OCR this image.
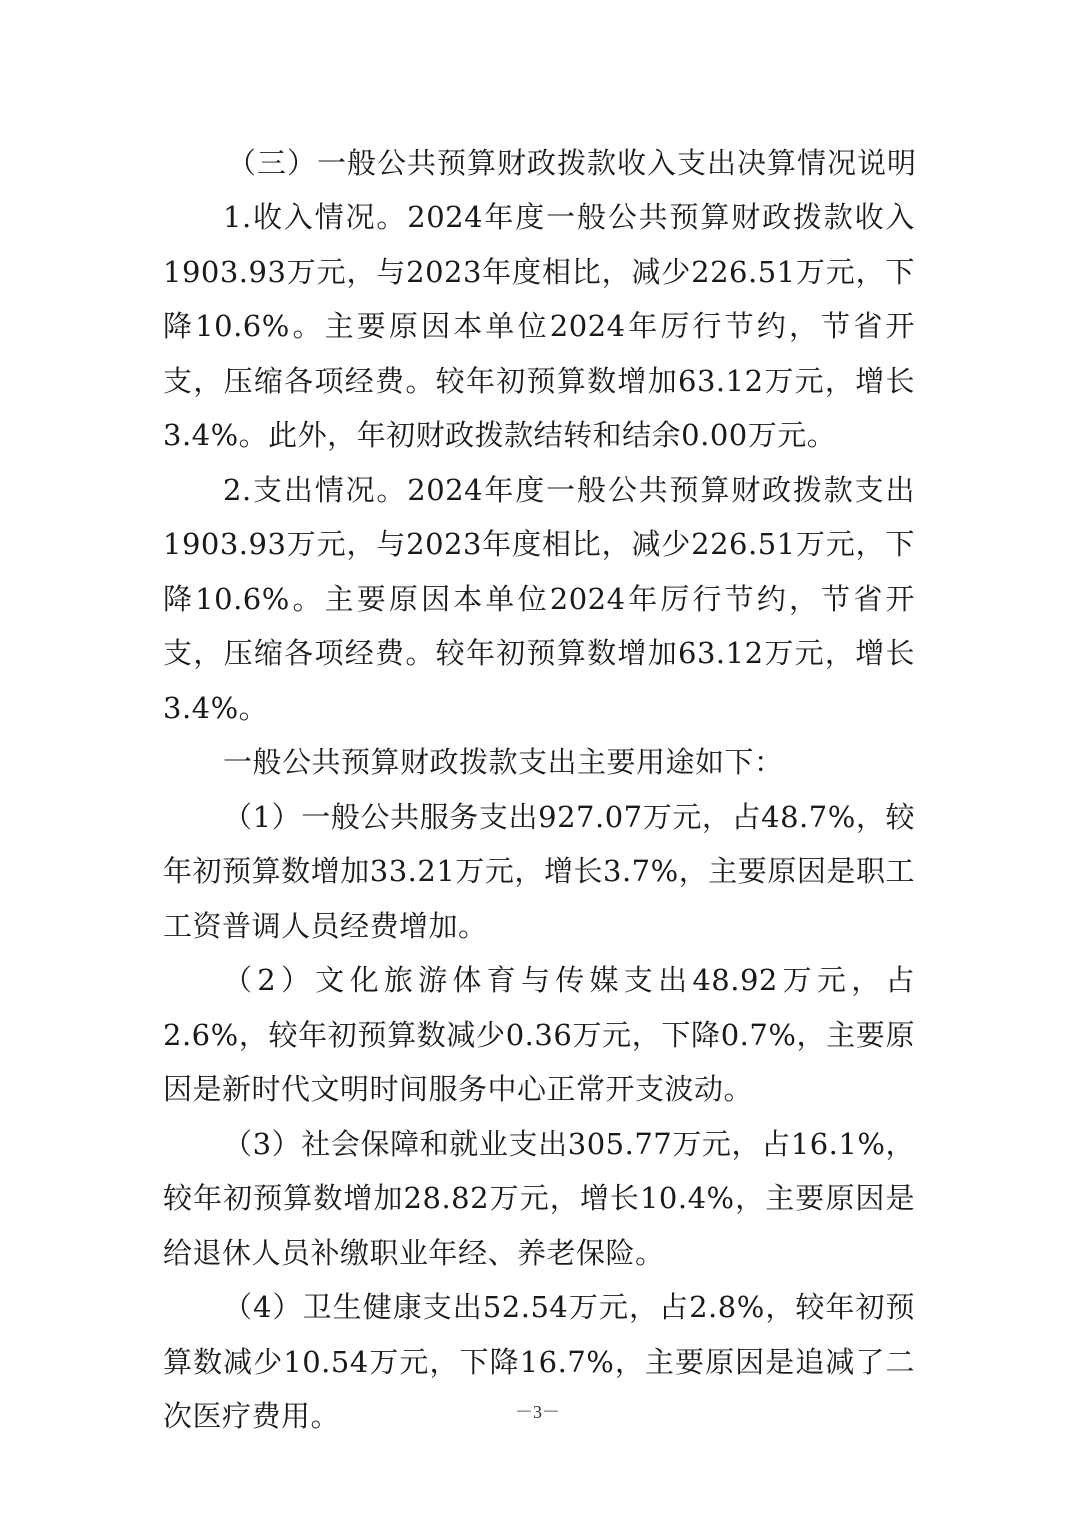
（三）一般公共预算财政拨款收入支出决算情况说明

1.收入情况。2024年度一般公共预算财政拨款收入1903.93万元，与2023年度相比，减少226.51万元，下降10.6%。主要原因本单位2024年厉行节约，节省开支，压缩各项经费。较年初预算数增加63.12万元，增长3.4%。此外，年初财政拨款结转和结余0.00万元。

2.支出情况。2024年度一般公共预算财政拨款支出1903.93万元，与2023年度相比，减少226.51万元，下降10.6%。主要原因本单位2024年厉行节约，节省开支，压缩各项经费。较年初预算数增加63.12万元，增长3.4%。

一般公共预算财政拨款支出主要用途如下：

（1）一般公共服务支出927.07万元，占48.7%，较年初预算数增加33.21万元，增长3.7%，主要原因是职工工资普调人员经费增加。

（2）文化旅游体育与传媒支出48.92万元，占2.6%，较年初预算数减少0.36万元，下降0.7%，主要原因是新时代文明时间服务中心正常开支波动。

（3）社会保障和就业支出305.77万元，占16.1%，较年初预算数增加28.82万元，增长10.4%，主要原因是给退休人员补缴职业年经、养老保险。

（4）卫生健康支出52.54万元，占2.8%，较年初预算数减少10.54万元，下降16.7%，主要原因是追减了二次医疗费用。	－3－
